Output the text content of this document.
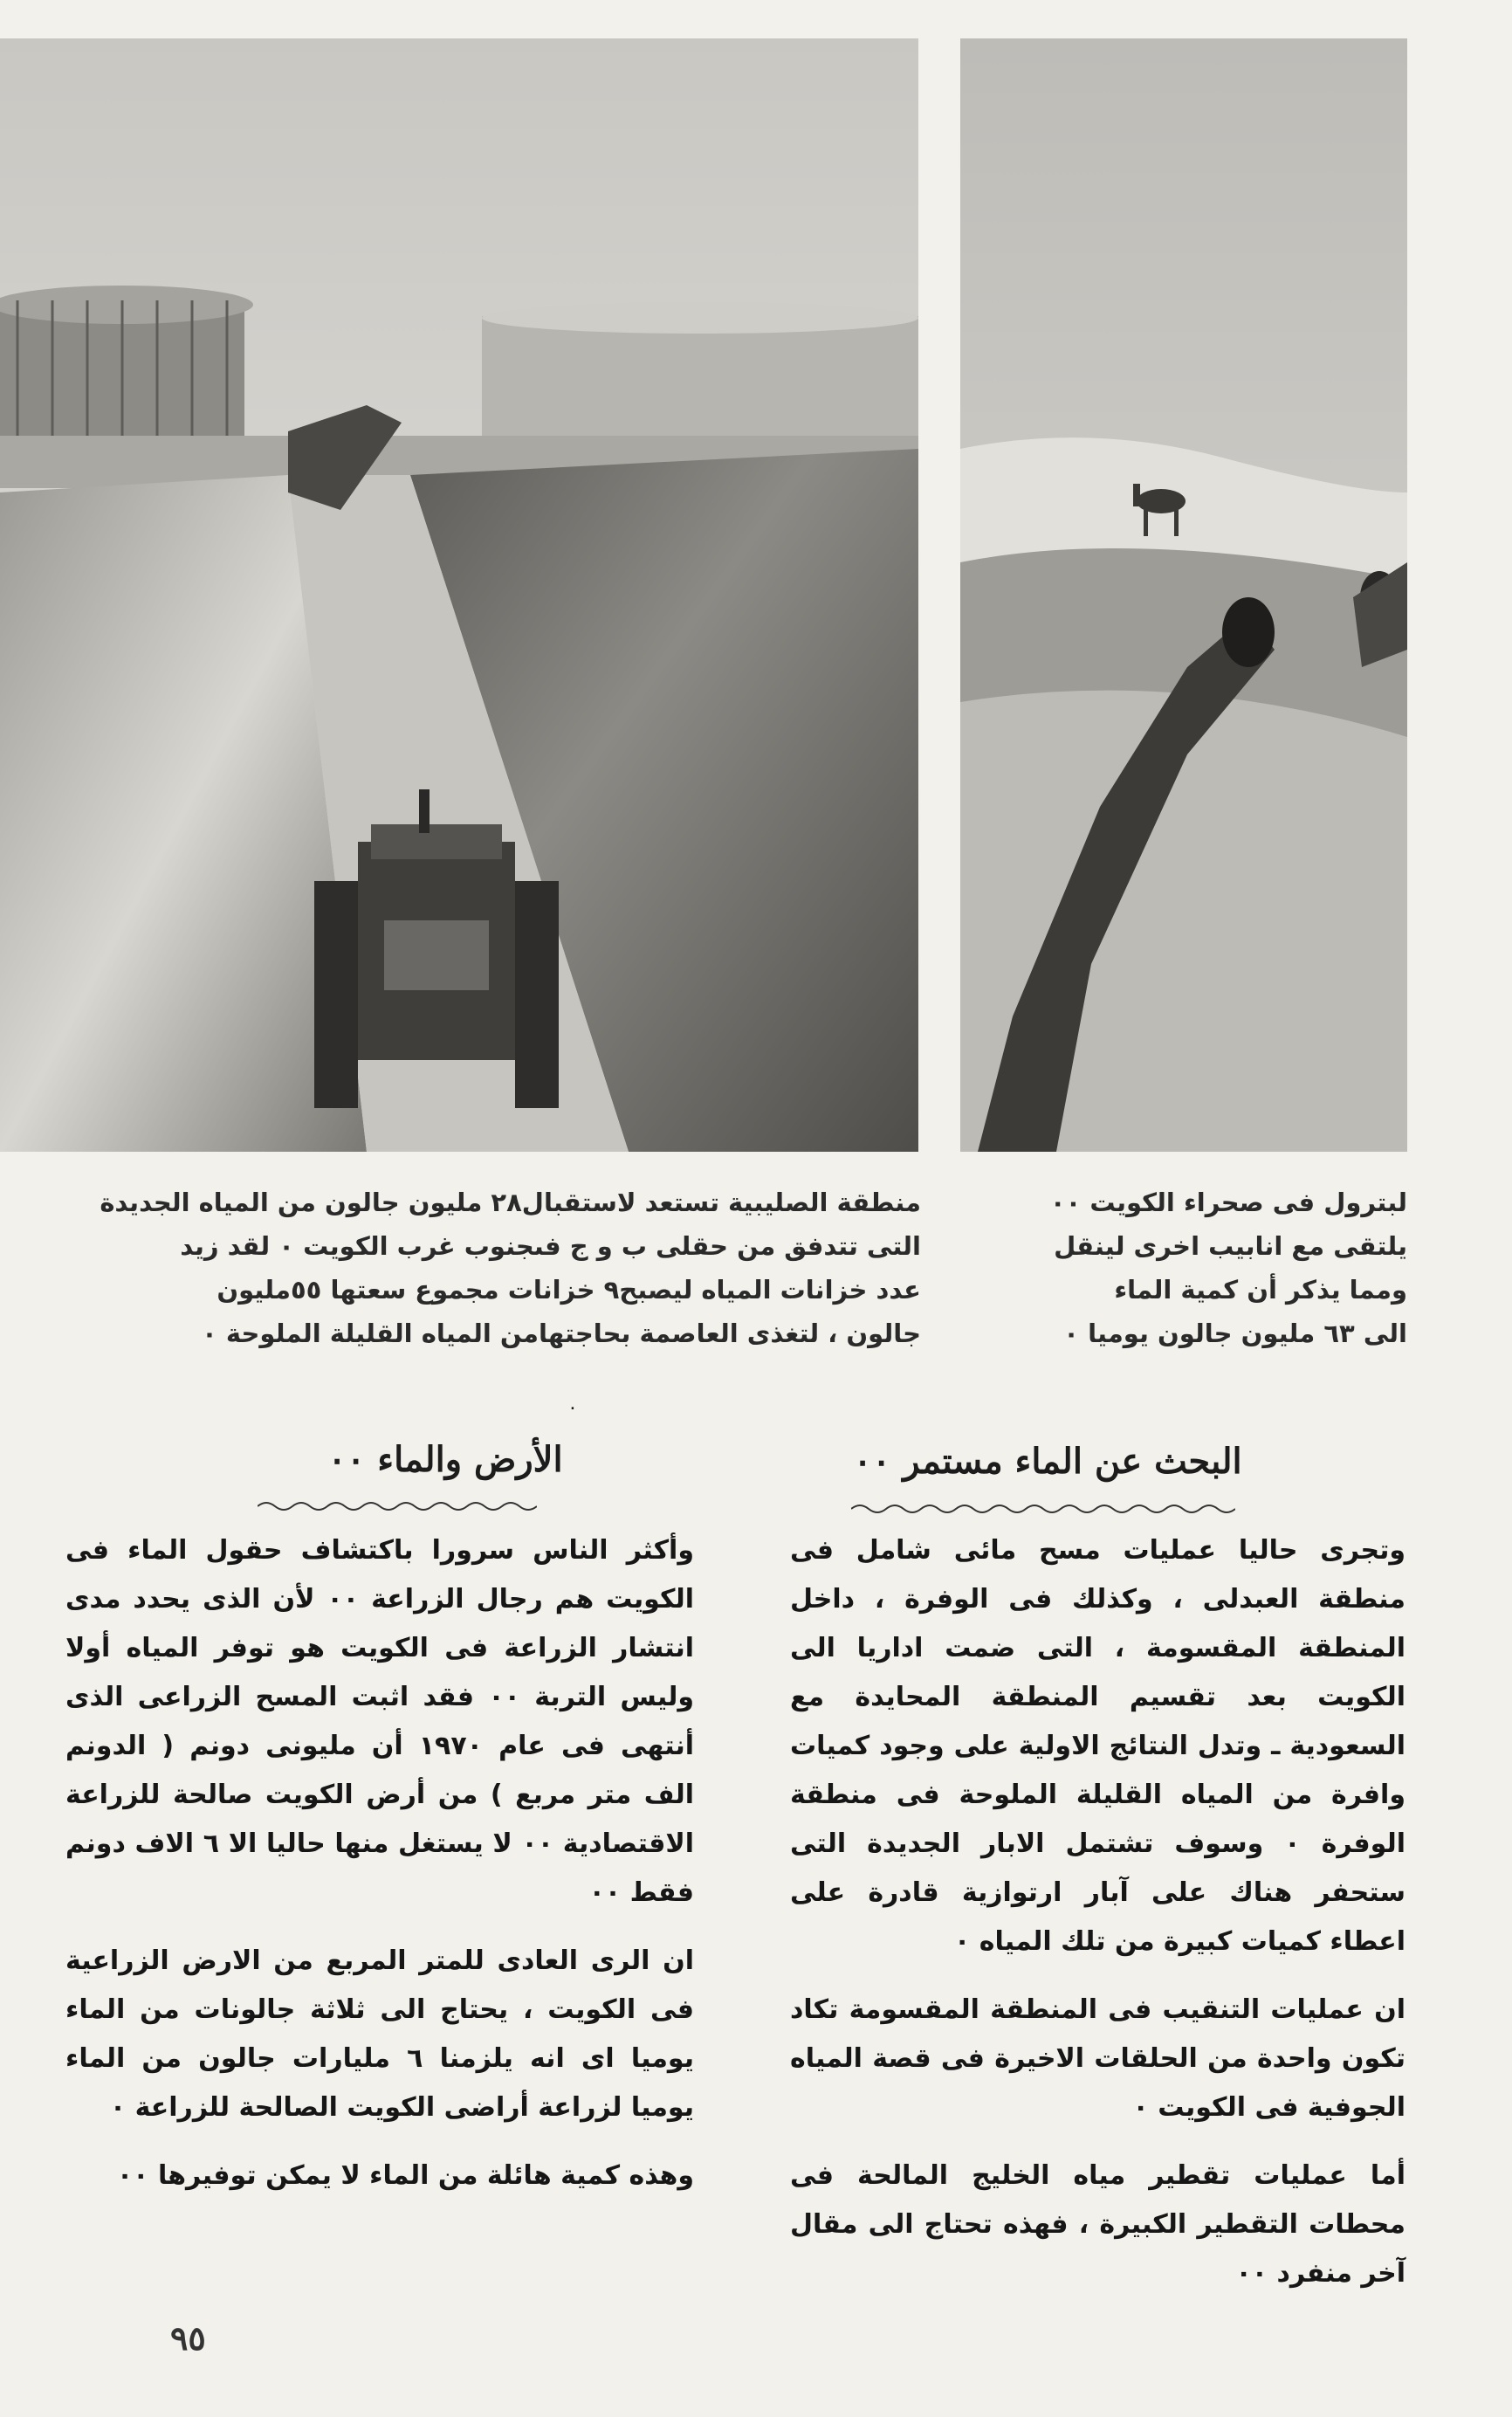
منطقة الصليبية تستعد لاستقبال٢٨ مليون جالون من المياه الجديدة
التى تتدفق من حقلى ب و ج فىجنوب غرب الكويت ٠ لقد زيد
عدد خزانات المياه ليصبح٩ خزانات مجموع سعتها ٥٥مليون
جالون ، لتغذى العاصمة بحاجتهامن المياه القليلة الملوحة ٠
لبترول فى صحراء الكويت ٠٠
يلتقى مع انابيب اخرى لينقل
ومما يذكر أن كمية الماء
الى ٦٣ مليون جالون يوميا ٠
٠
البحث عن الماء مستمر ٠٠
الأرض والماء ٠٠

وتجرى حاليا عمليات مسح مائى شامل فى منطقة العبدلى ، وكذلك فى الوفرة ، داخل المنطقة المقسومة ، التى ضمت اداريا الى الكويت بعد تقسيم المنطقة المحايدة مع السعودية ـ وتدل النتائج الاولية على وجود كميات وافرة من المياه القليلة الملوحة فى منطقة الوفرة ٠ وسوف تشتمل الابار الجديدة التى ستحفر هناك على آبار ارتوازية قادرة على اعطاء كميات كبيرة من تلك المياه ٠

ان عمليات التنقيب فى المنطقة المقسومة تكاد تكون واحدة من الحلقات الاخيرة فى قصة المياه الجوفية فى الكويت ٠

أما عمليات تقطير مياه الخليج المالحة فى محطات التقطير الكبيرة ، فهذه تحتاج الى مقال آخر منفرد ٠٠

وأكثر الناس سرورا باكتشاف حقول الماء فى الكويت هم رجال الزراعة ٠٠ لأن الذى يحدد مدى انتشار الزراعة فى الكويت هو توفر المياه أولا وليس التربة ٠٠ فقد اثبت المسح الزراعى الذى أنتهى فى عام ١٩٧٠ أن مليونى دونم ( الدونم الف متر مربع ) من أرض الكويت صالحة للزراعة الاقتصادية ٠٠ لا يستغل منها حاليا الا ٦ الاف دونم فقط ٠٠

ان الرى العادى للمتر المربع من الارض الزراعية فى الكويت ، يحتاج الى ثلاثة جالونات من الماء يوميا اى انه يلزمنا ٦ مليارات جالون من الماء يوميا لزراعة أراضى الكويت الصالحة للزراعة ٠

وهذه كمية هائلة من الماء لا يمكن توفيرها ٠٠

٩٥
